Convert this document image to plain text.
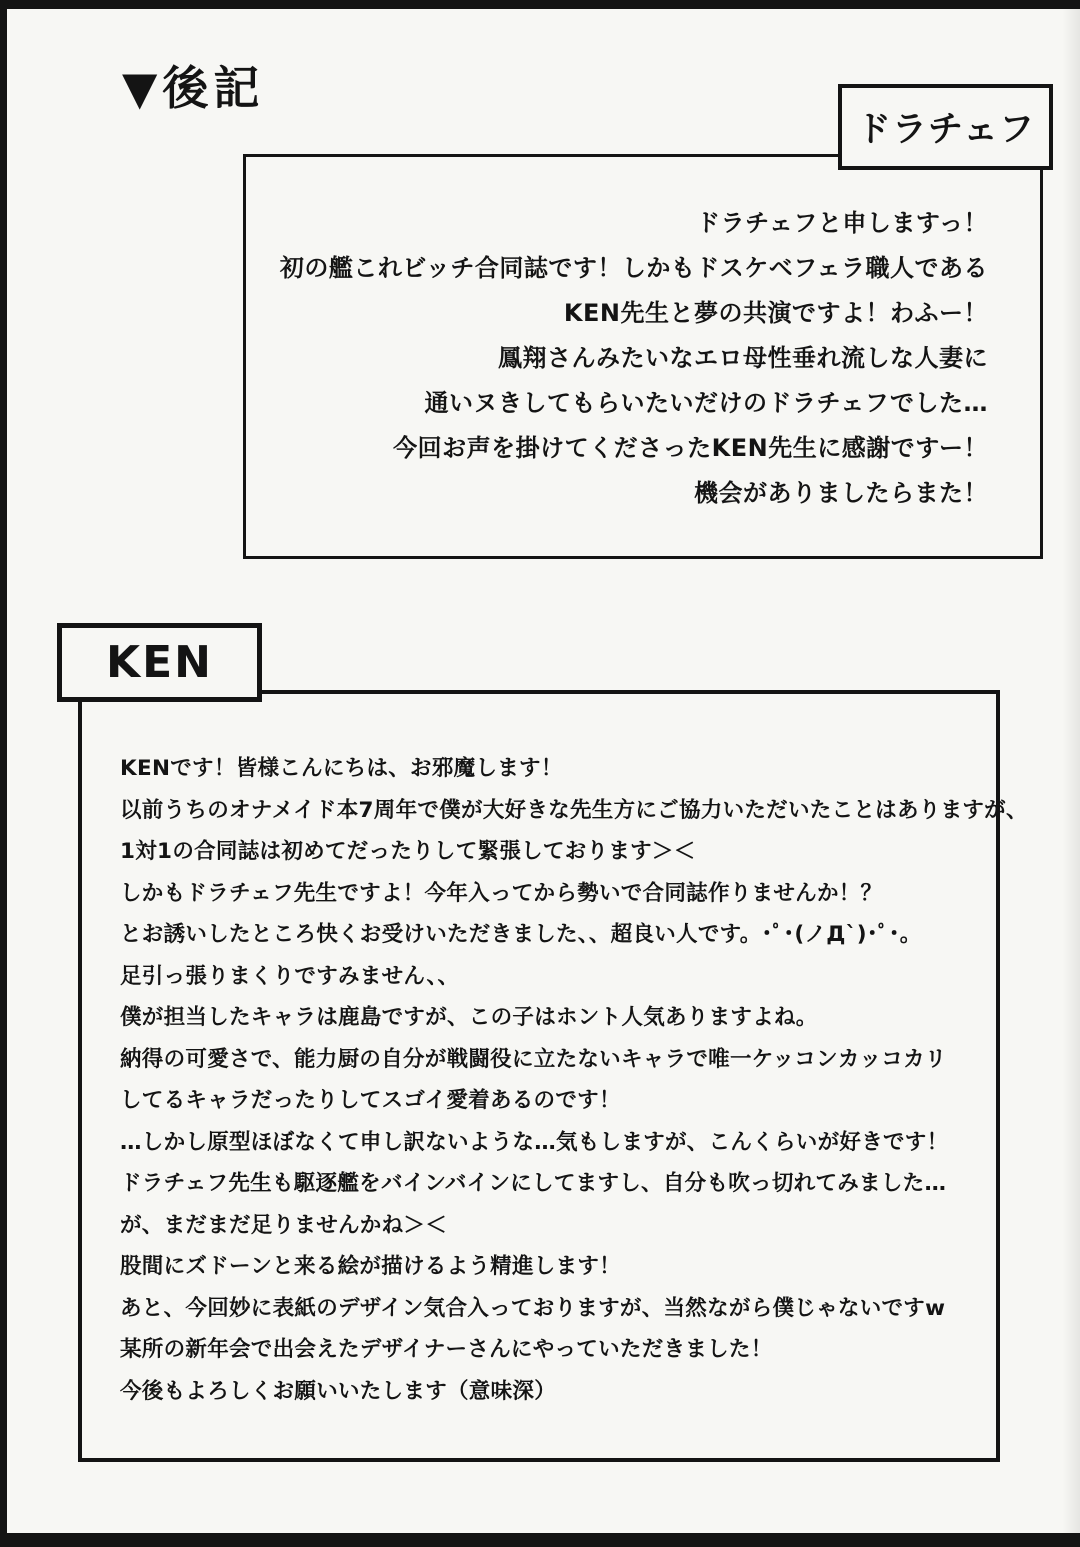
▼後記
ドラチェフと申しますっ！
初の艦これビッチ合同誌です！しかもドスケベフェラ職人である
KEN先生と夢の共演ですよ！わふー！
鳳翔さんみたいなエロ母性垂れ流しな人妻に
通いヌきしてもらいたいだけのドラチェフでした…
今回お声を掛けてくださったKEN先生に感謝ですー！
機会がありましたらまた！
ドラチェフ
KENです！皆様こんにちは、お邪魔します！
以前うちのオナメイド本7周年で僕が大好きな先生方にご協力いただいたことはありますが、
1対1の合同誌は初めてだったりして緊張しております＞＜
しかもドラチェフ先生ですよ！今年入ってから勢いで合同誌作りませんか！？
とお誘いしたところ快くお受けいただきました、、超良い人です。･ﾟ･(ノД`)･ﾟ･。
足引っ張りまくりですみません、、
僕が担当したキャラは鹿島ですが、この子はホント人気ありますよね。
納得の可愛さで、能力厨の自分が戦闘役に立たないキャラで唯一ケッコンカッコカリ
してるキャラだったりしてスゴイ愛着あるのです！
…しかし原型ほぼなくて申し訳ないような…気もしますが、こんくらいが好きです！
ドラチェフ先生も駆逐艦をバインバインにしてますし、自分も吹っ切れてみました…
が、まだまだ足りませんかね＞＜
股間にズドーンと来る絵が描けるよう精進します！
あと、今回妙に表紙のデザイン気合入っておりますが、当然ながら僕じゃないですw
某所の新年会で出会えたデザイナーさんにやっていただきました！
今後もよろしくお願いいたします（意味深）
KEN
